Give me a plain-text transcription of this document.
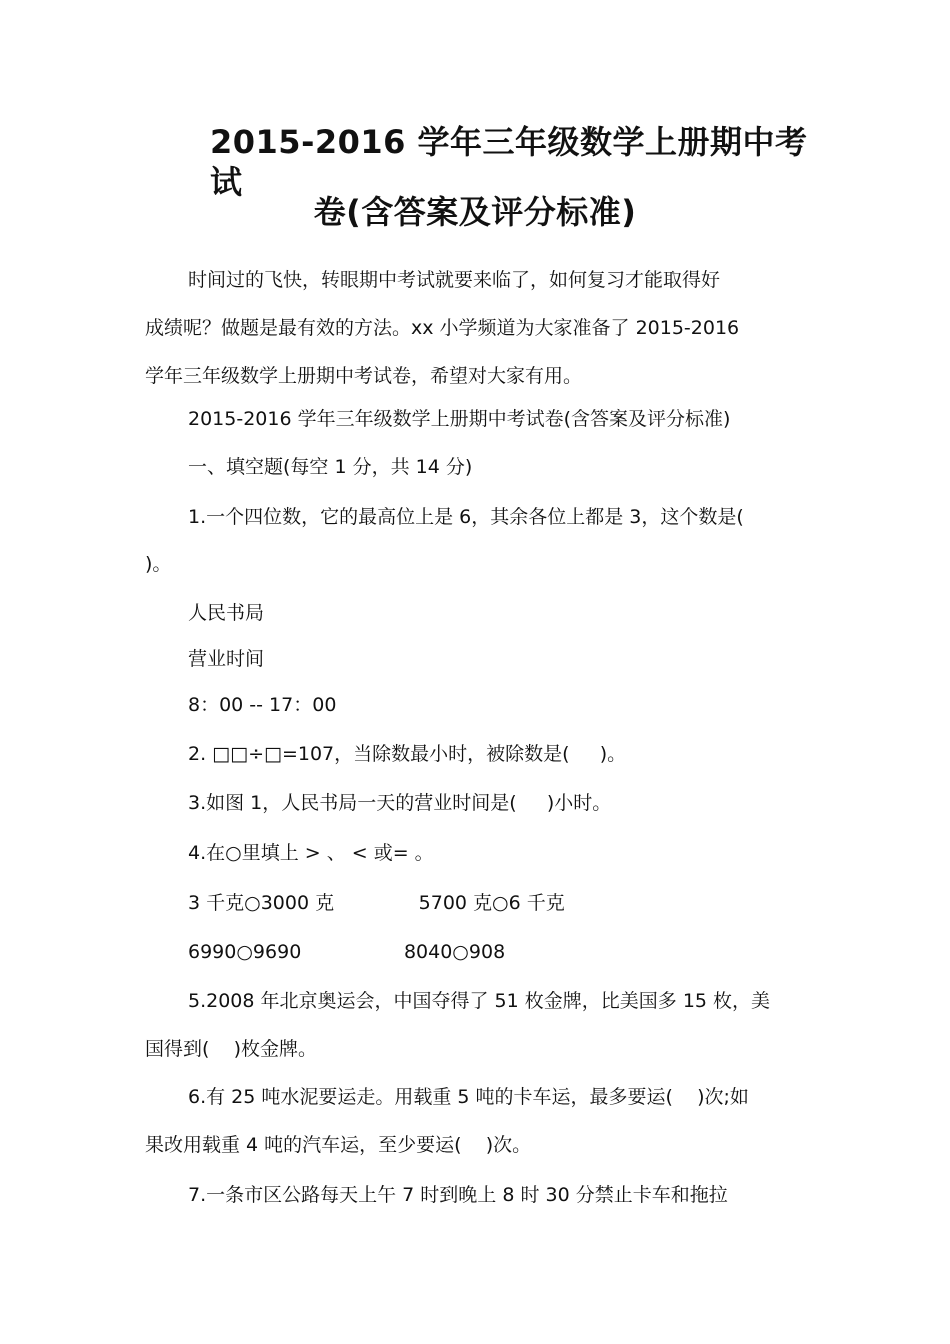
2015-2016 学年三年级数学上册期中考试
卷(含答案及评分标准)
时间过的飞快，转眼期中考试就要来临了，如何复习才能取得好
成绩呢？做题是最有效的方法。xx 小学频道为大家准备了 2015-2016
学年三年级数学上册期中考试卷，希望对大家有用。
2015-2016 学年三年级数学上册期中考试卷(含答案及评分标准)
一、填空题(每空 1 分，共 14 分)
1.一个四位数，它的最高位上是 6，其余各位上都是 3，这个数是(
)。
人民书局
营业时间
8：00 -- 17：00
2. □□÷□=107，当除数最小时，被除数是(     )。
3.如图 1，人民书局一天的营业时间是(     )小时。
4.在○里填上 > 、 < 或= 。
3 千克○3000 克              5700 克○6 千克
6990○9690                 8040○908
5.2008 年北京奥运会，中国夺得了 51 枚金牌，比美国多 15 枚，美
国得到(    )枚金牌。
6.有 25 吨水泥要运走。用载重 5 吨的卡车运，最多要运(    )次;如
果改用载重 4 吨的汽车运，至少要运(    )次。
7.一条市区公路每天上午 7 时到晚上 8 时 30 分禁止卡车和拖拉
